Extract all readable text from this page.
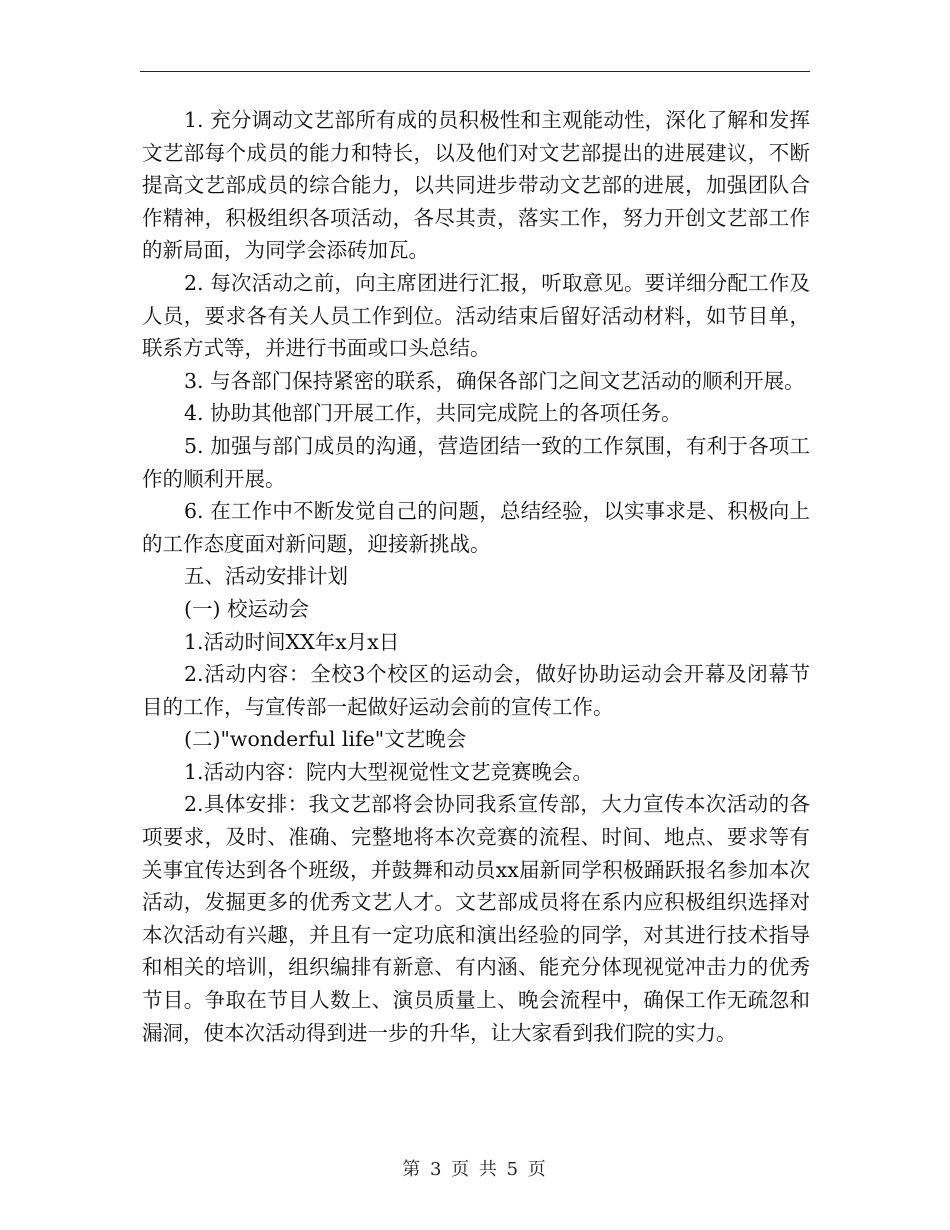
1. 充分调动文艺部所有成的员积极性和主观能动性，深化了解和发挥文艺部每个成员的能力和特长，以及他们对文艺部提出的进展建议，不断提高文艺部成员的综合能力，以共同进步带动文艺部的进展，加强团队合作精神，积极组织各项活动，各尽其责，落实工作，努力开创文艺部工作的新局面，为同学会添砖加瓦。

2. 每次活动之前，向主席团进行汇报，听取意见。要详细分配工作及人员，要求各有关人员工作到位。活动结束后留好活动材料，如节目单，联系方式等，并进行书面或口头总结。

3. 与各部门保持紧密的联系，确保各部门之间文艺活动的顺利开展。

4. 协助其他部门开展工作，共同完成院上的各项任务。

5. 加强与部门成员的沟通，营造团结一致的工作氛围，有利于各项工作的顺利开展。

6. 在工作中不断发觉自己的问题，总结经验，以实事求是、积极向上的工作态度面对新问题，迎接新挑战。

五、活动安排计划

(一) 校运动会

1.活动时间XX年x月x日

2.活动内容：全校3个校区的运动会，做好协助运动会开幕及闭幕节目的工作，与宣传部一起做好运动会前的宣传工作。

(二)"wonderful life"文艺晚会

1.活动内容：院内大型视觉性文艺竞赛晚会。

2.具体安排：我文艺部将会协同我系宣传部，大力宣传本次活动的各项要求，及时、准确、完整地将本次竞赛的流程、时间、地点、要求等有关事宜传达到各个班级，并鼓舞和动员xx届新同学积极踊跃报名参加本次活动，发掘更多的优秀文艺人才。文艺部成员将在系内应积极组织选择对本次活动有兴趣，并且有一定功底和演出经验的同学，对其进行技术指导和相关的培训，组织编排有新意、有内涵、能充分体现视觉冲击力的优秀节目。争取在节目人数上、演员质量上、晚会流程中，确保工作无疏忽和漏洞，使本次活动得到进一步的升华，让大家看到我们院的实力。

第 3 页 共 5 页
